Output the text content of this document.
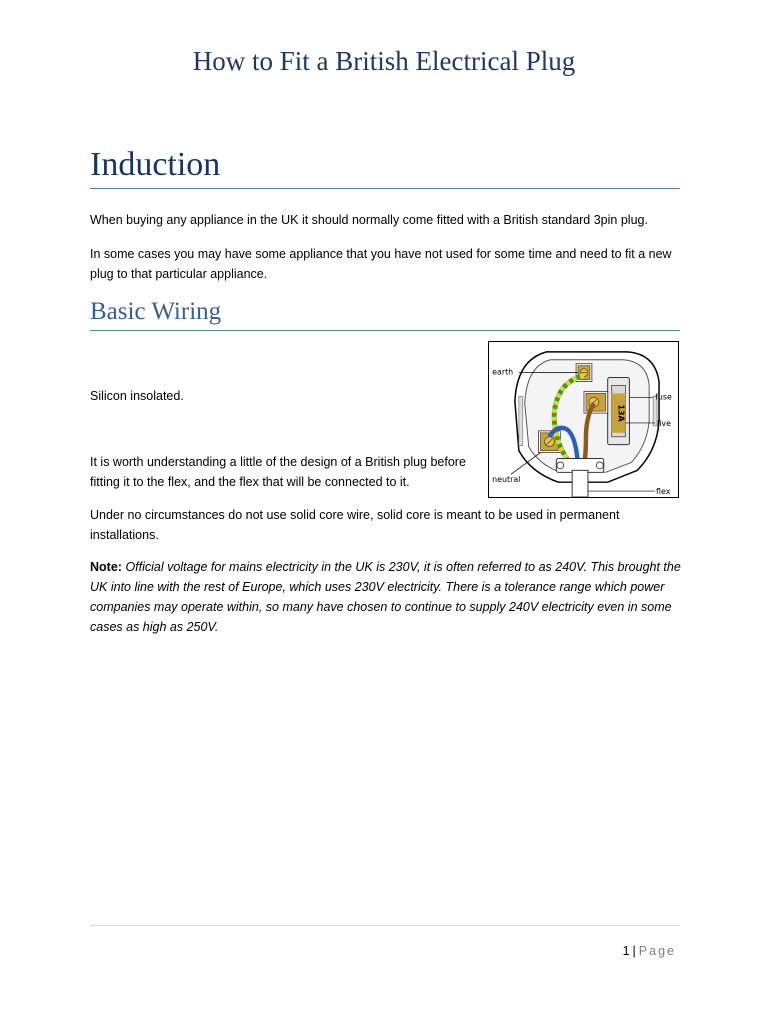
How to Fit a British Electrical Plug
Induction

When buying any appliance in the UK it should normally come fitted with a British standard 3pin plug.

In some cases you may have some appliance that you have not used for some time and need to fit a new plug to that particular appliance.

Basic Wiring

Silicon insolated.

It is worth understanding a little of the design of a British plug before fitting it to the flex, and the flex that will be connected to it.

Under no circumstances do not use solid core wire, solid core is meant to be used in permanent installations.

Note: Official voltage for mains electricity in the UK is 230V, it is often referred to as 240V. This brought the UK into line with the rest of Europe, which uses 230V electricity. There is a tolerance range which power companies may operate within, so many have chosen to continue to supply 240V electricity even in some cases as high as 250V.

13A
earth
fuse
live
neutral
flex
1 | Page
